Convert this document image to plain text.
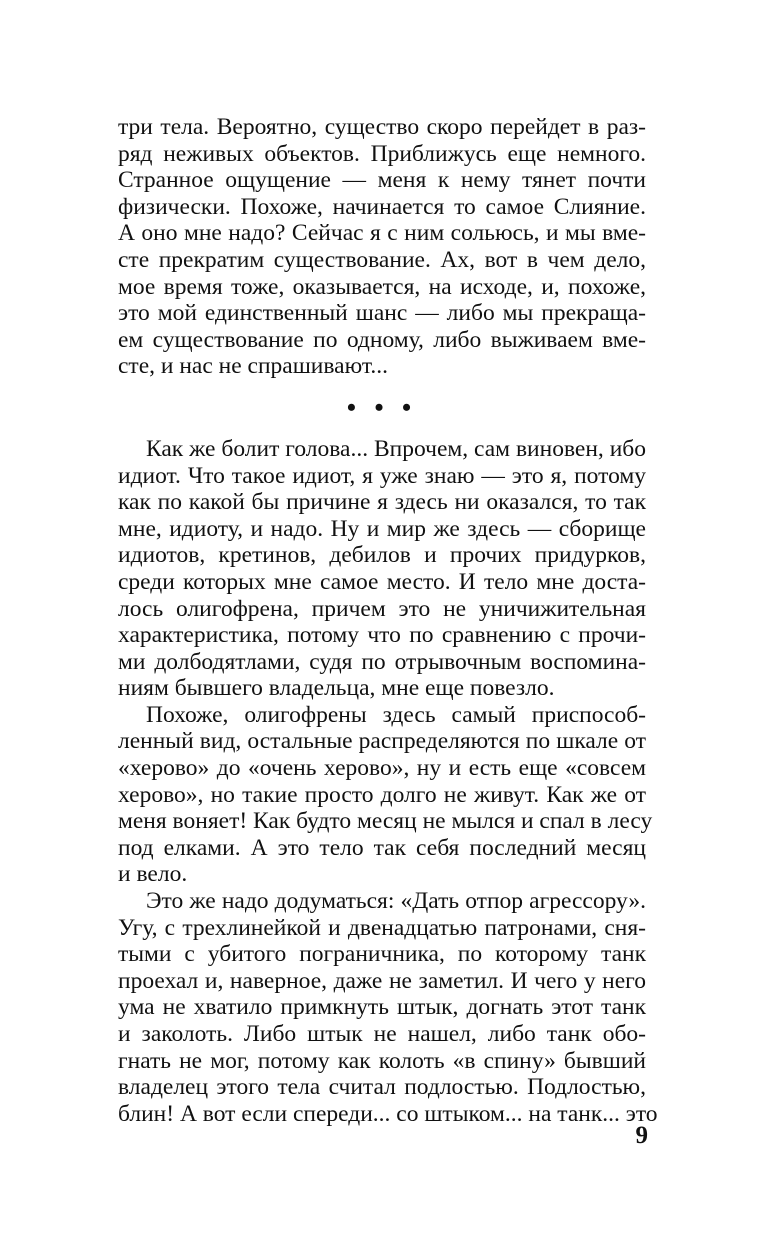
три тела. Вероятно, существо скоро перейдет в раз-
ряд неживых объектов. Приближусь еще немного.
Странное ощущение — меня к нему тянет почти
физически. Похоже, начинается то самое Слияние.
А оно мне надо? Сейчас я с ним сольюсь, и мы вме-
сте прекратим существование. Ах, вот в чем дело,
мое время тоже, оказывается, на исходе, и, похоже,
это мой единственный шанс — либо мы прекраща-
ем существование по одному, либо выживаем вме-
сте, и нас не спрашивают...
• • •
Как же болит голова... Впрочем, сам виновен, ибо
идиот. Что такое идиот, я уже знаю — это я, потому
как по какой бы причине я здесь ни оказался, то так
мне, идиоту, и надо. Ну и мир же здесь — сборище
идиотов, кретинов, дебилов и прочих придурков,
среди которых мне самое место. И тело мне доста-
лось олигофрена, причем это не уничижительная
характеристика, потому что по сравнению с прочи-
ми долбодятлами, судя по отрывочным воспомина-
ниям бывшего владельца, мне еще повезло.
Похоже, олигофрены здесь самый приспособ-
ленный вид, остальные распределяются по шкале от
«херово» до «очень херово», ну и есть еще «совсем
херово», но такие просто долго не живут. Как же от
меня воняет! Как будто месяц не мылся и спал в лесу
под елками. А это тело так себя последний месяц
и вело.
Это же надо додуматься: «Дать отпор агрессору».
Угу, с трехлинейкой и двенадцатью патронами, сня-
тыми с убитого пограничника, по которому танк
проехал и, наверное, даже не заметил. И чего у него
ума не хватило примкнуть штык, догнать этот танк
и заколоть. Либо штык не нашел, либо танк обо-
гнать не мог, потому как колоть «в спину» бывший
владелец этого тела считал подлостью. Подлостью,
блин! А вот если спереди... со штыком... на танк... это
9
